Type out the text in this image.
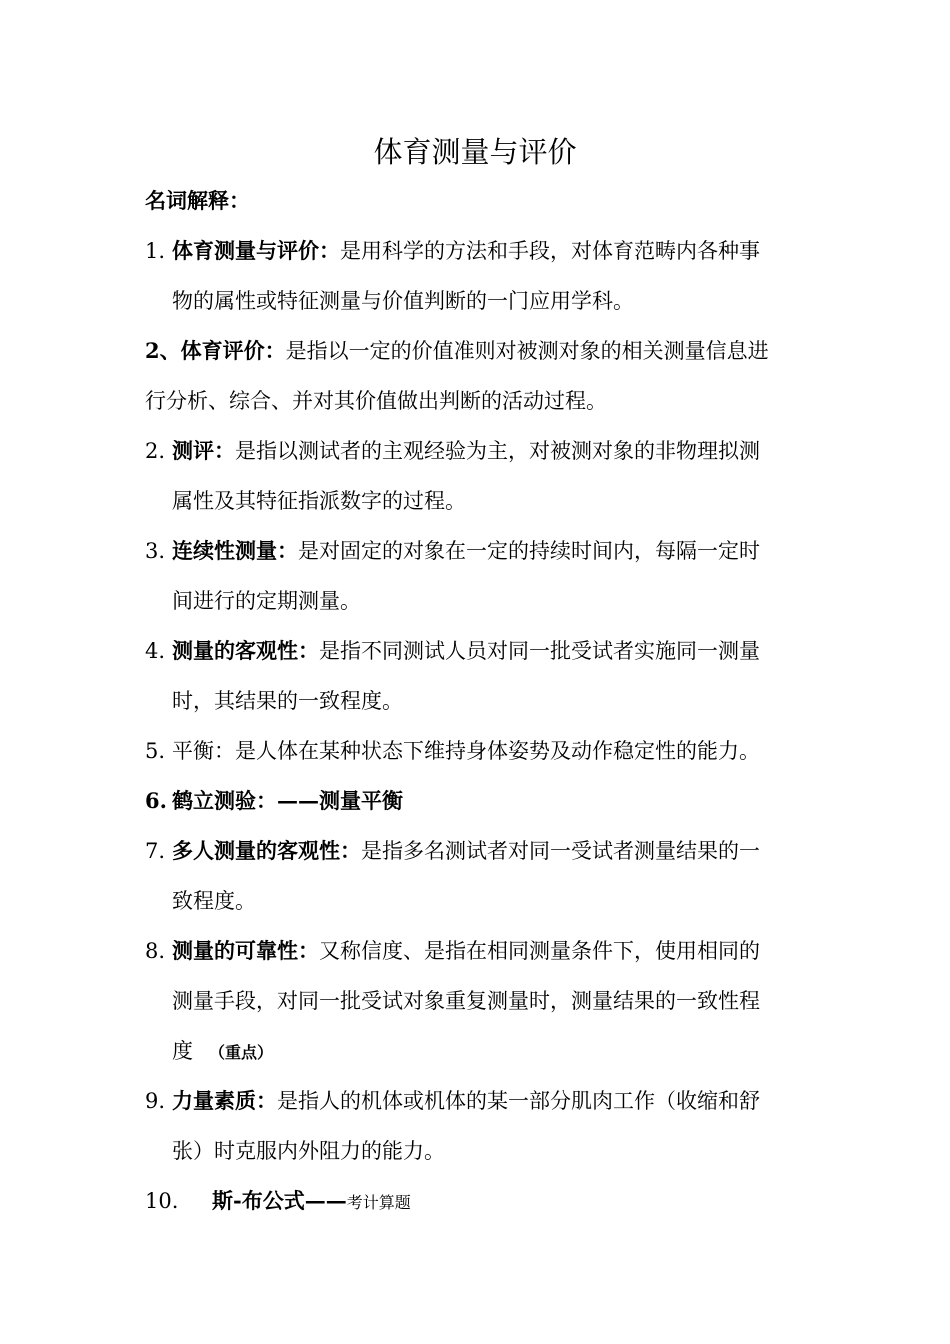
体育测量与评价
名词解释：
1. 体育测量与评价：是用科学的方法和手段，对体育范畴内各种事
物的属性或特征测量与价值判断的一门应用学科。
2、体育评价：是指以一定的价值准则对被测对象的相关测量信息进
行分析、综合、并对其价值做出判断的活动过程。
2. 测评：是指以测试者的主观经验为主，对被测对象的非物理拟测
属性及其特征指派数字的过程。
3. 连续性测量：是对固定的对象在一定的持续时间内，每隔一定时
间进行的定期测量。
4. 测量的客观性：是指不同测试人员对同一批受试者实施同一测量
时，其结果的一致程度。
5. 平衡：是人体在某种状态下维持身体姿势及动作稳定性的能力。
6. 鹤立测验：——测量平衡
7. 多人测量的客观性：是指多名测试者对同一受试者测量结果的一
致程度。
8. 测量的可靠性：又称信度、是指在相同测量条件下，使用相同的
测量手段，对同一批受试对象重复测量时，测量结果的一致性程
度 （重点）
9. 力量素质：是指人的机体或机体的某一部分肌肉工作（收缩和舒
张）时克服内外阻力的能力。
10. 斯-布公式——考计算题
